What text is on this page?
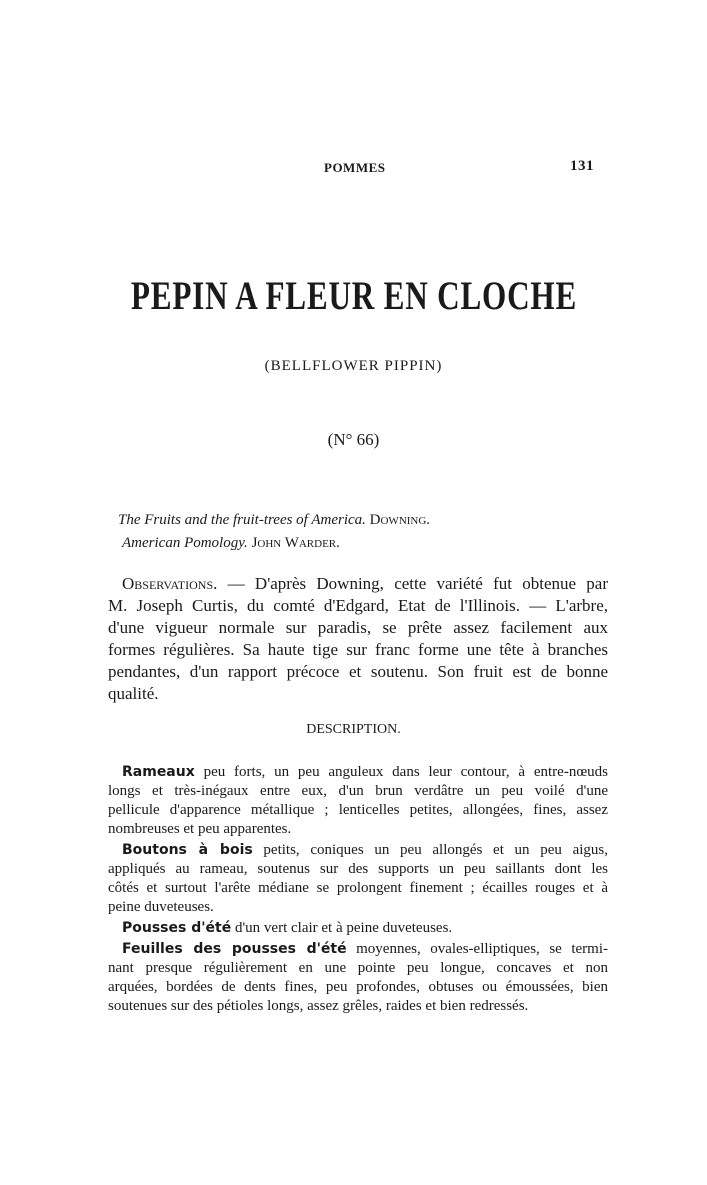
POMMES	131
PEPIN A FLEUR EN CLOCHE
(BELLFLOWER PIPPIN)
(N° 66)
The Fruits and the fruit-trees of America. Downing.
American Pomology. John Warder.
Observations. — D'après Downing, cette variété fut obtenue par
M. Joseph Curtis, du comté d'Edgard, Etat de l'Illinois. — L'arbre,
d'une vigueur normale sur paradis, se prête assez facilement aux
formes régulières. Sa haute tige sur franc forme une tête à branches
pendantes, d'un rapport précoce et soutenu. Son fruit est de bonne
qualité.
DESCRIPTION.
Rameaux peu forts, un peu anguleux dans leur contour, à entre-nœuds
longs et très-inégaux entre eux, d'un brun verdâtre un peu voilé d'une
pellicule d'apparence métallique ; lenticelles petites, allongées, fines, assez
nombreuses et peu apparentes.
Boutons à bois petits, coniques un peu allongés et un peu aigus,
appliqués au rameau, soutenus sur des supports un peu saillants dont les
côtés et surtout l'arête médiane se prolongent finement ; écailles rouges et à
peine duveteuses.
Pousses d'été d'un vert clair et à peine duveteuses.
Feuilles des pousses d'été moyennes, ovales-elliptiques, se termi-
nant presque régulièrement en une pointe peu longue, concaves et non
arquées, bordées de dents fines, peu profondes, obtuses ou émoussées, bien
soutenues sur des pétioles longs, assez grêles, raides et bien redressés.
